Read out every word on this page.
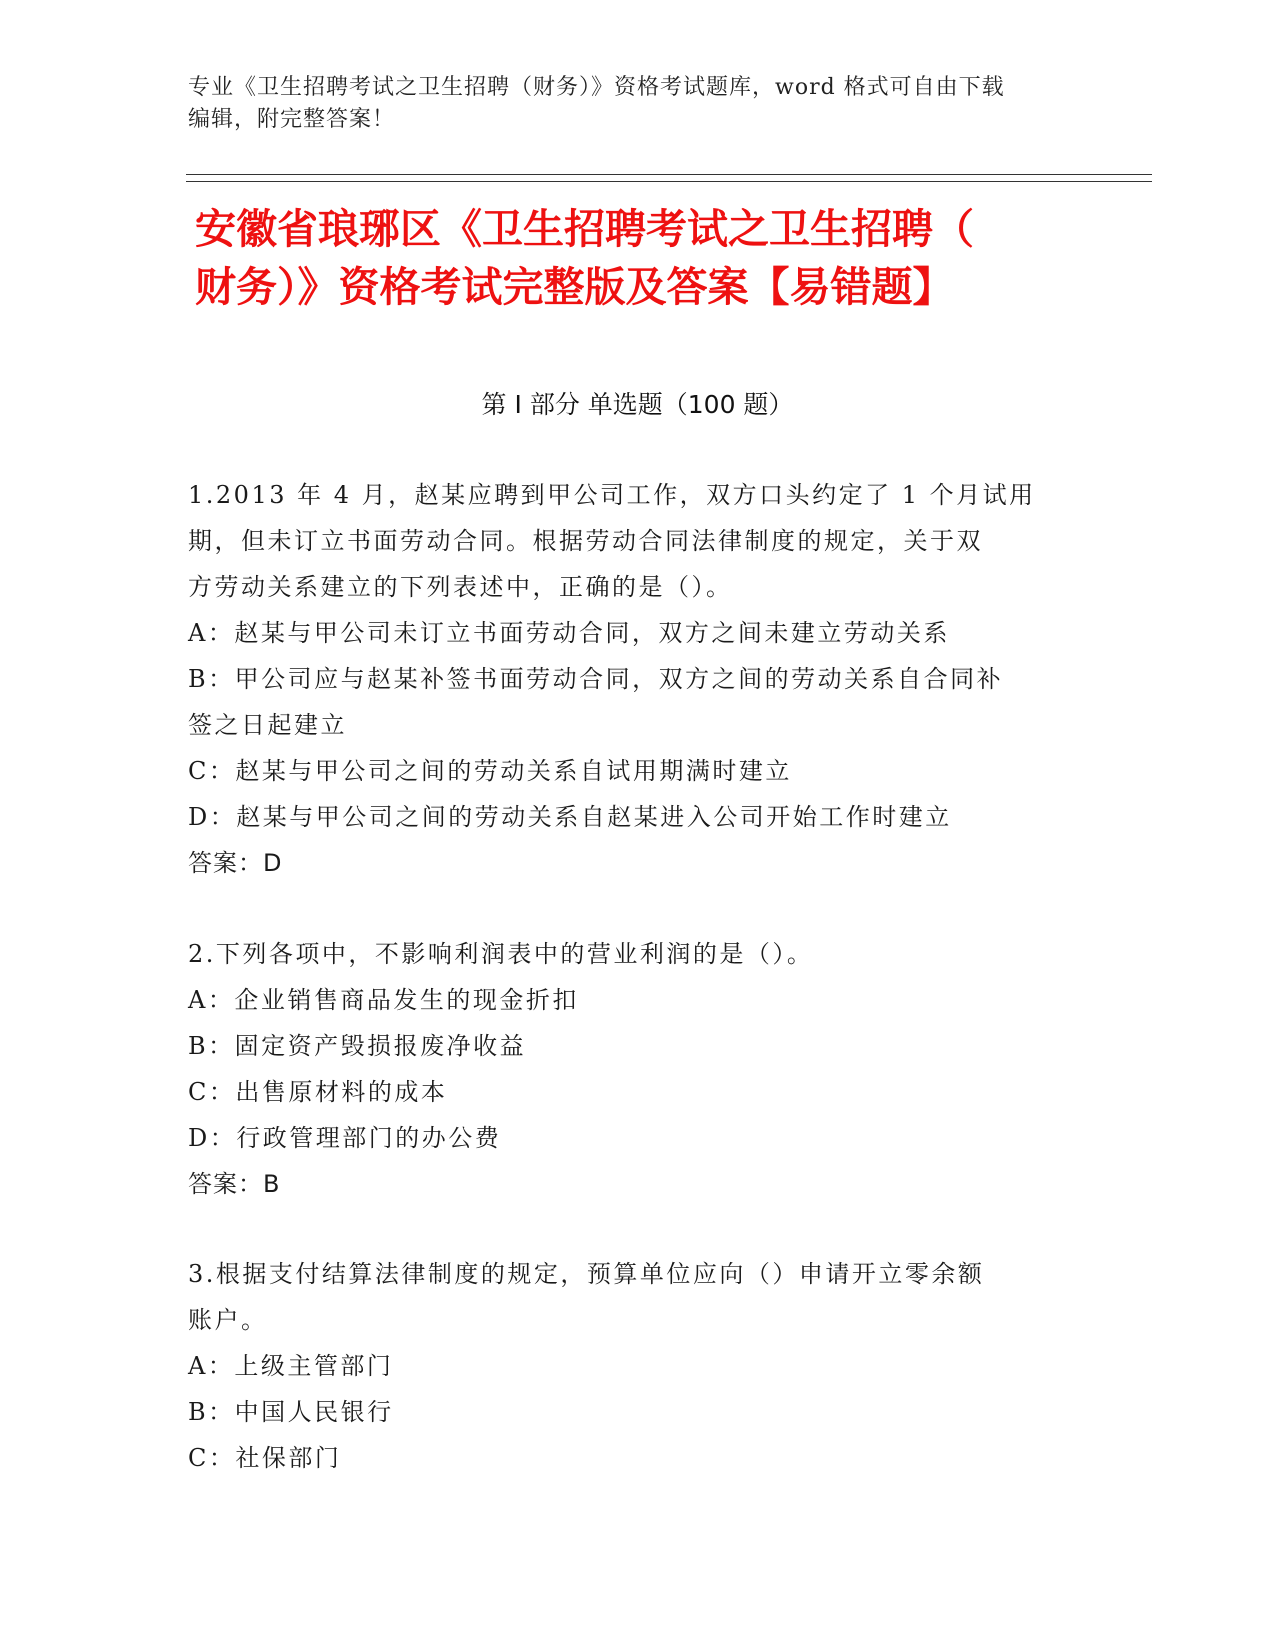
专业《卫生招聘考试之卫生招聘（财务）》资格考试题库，word 格式可自由下载
编辑，附完整答案！
安徽省琅琊区《卫生招聘考试之卫生招聘（
财务）》资格考试完整版及答案【易错题】
第 I 部分 单选题（100 题）
1.2013 年 4 月，赵某应聘到甲公司工作，双方口头约定了 1 个月试用
期，但未订立书面劳动合同。根据劳动合同法律制度的规定，关于双
方劳动关系建立的下列表述中，正确的是（）。
A：赵某与甲公司未订立书面劳动合同，双方之间未建立劳动关系
B：甲公司应与赵某补签书面劳动合同，双方之间的劳动关系自合同补
签之日起建立
C：赵某与甲公司之间的劳动关系自试用期满时建立
D：赵某与甲公司之间的劳动关系自赵某进入公司开始工作时建立
答案：D
2.下列各项中，不影响利润表中的营业利润的是（）。
A：企业销售商品发生的现金折扣
B：固定资产毁损报废净收益
C：出售原材料的成本
D：行政管理部门的办公费
答案：B
3.根据支付结算法律制度的规定，预算单位应向（）申请开立零余额
账户。
A：上级主管部门
B：中国人民银行
C：社保部门
